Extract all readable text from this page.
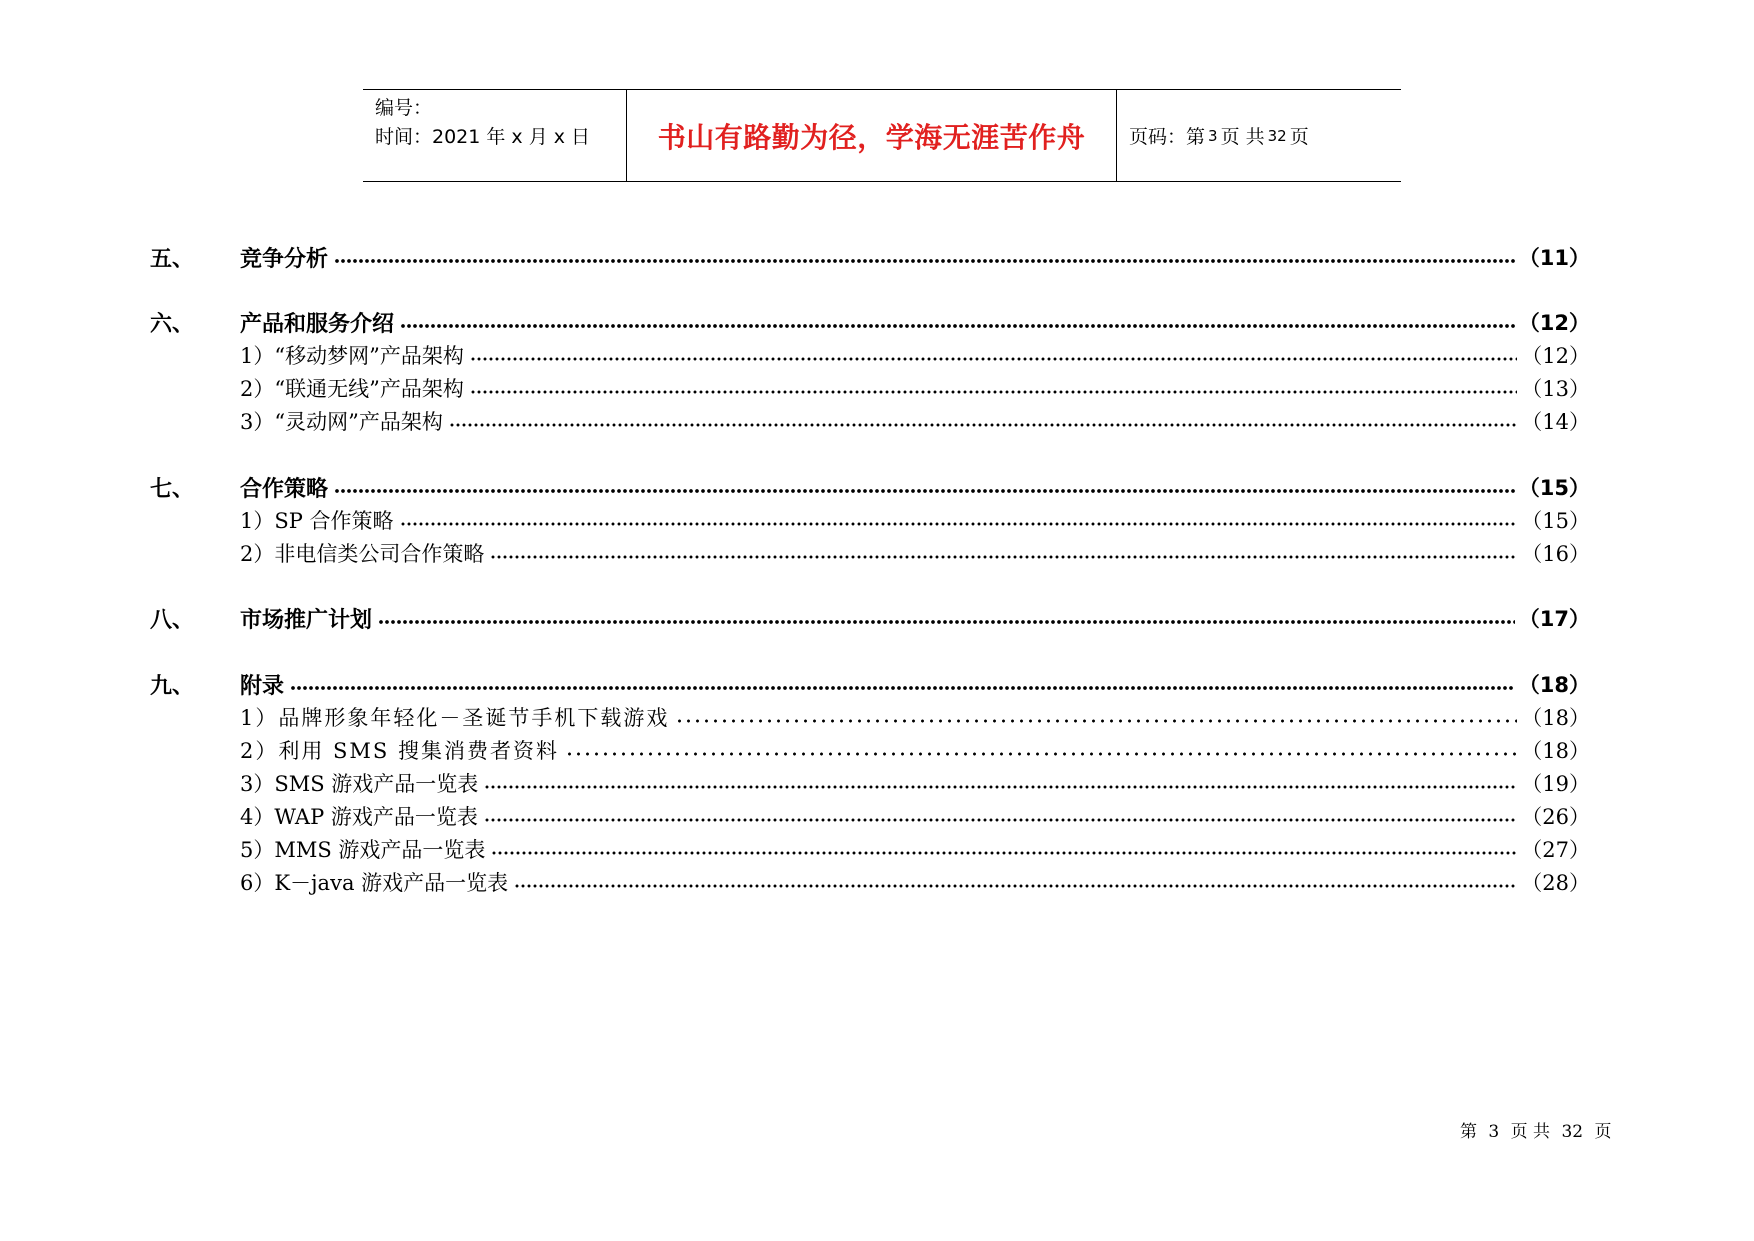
编号：
时间：2021 年 x 月 x 日	书山有路勤为径，学海无涯苦作舟 页码：第 3 页 共 32 页
五、	竞争分析	（11）
六、	产品和服务介绍	（12）
1）“移动梦网”产品架构	（12）
2）“联通无线”产品架构	（13）
3）“灵动网”产品架构	（14）
七、	合作策略	（15）
1）SP 合作策略	（15）
2）非电信类公司合作策略	（16）
八、	市场推广计划	（17）
九、	附录	（18）
1）品牌形象年轻化－圣诞节手机下载游戏	（18）
2）利用 SMS 搜集消费者资料	（18）
3）SMS 游戏产品一览表	（19）
4）WAP 游戏产品一览表	（26）
5）MMS 游戏产品一览表	（27）
6）K－java 游戏产品一览表	（28）
第 3 页 共 32 页
